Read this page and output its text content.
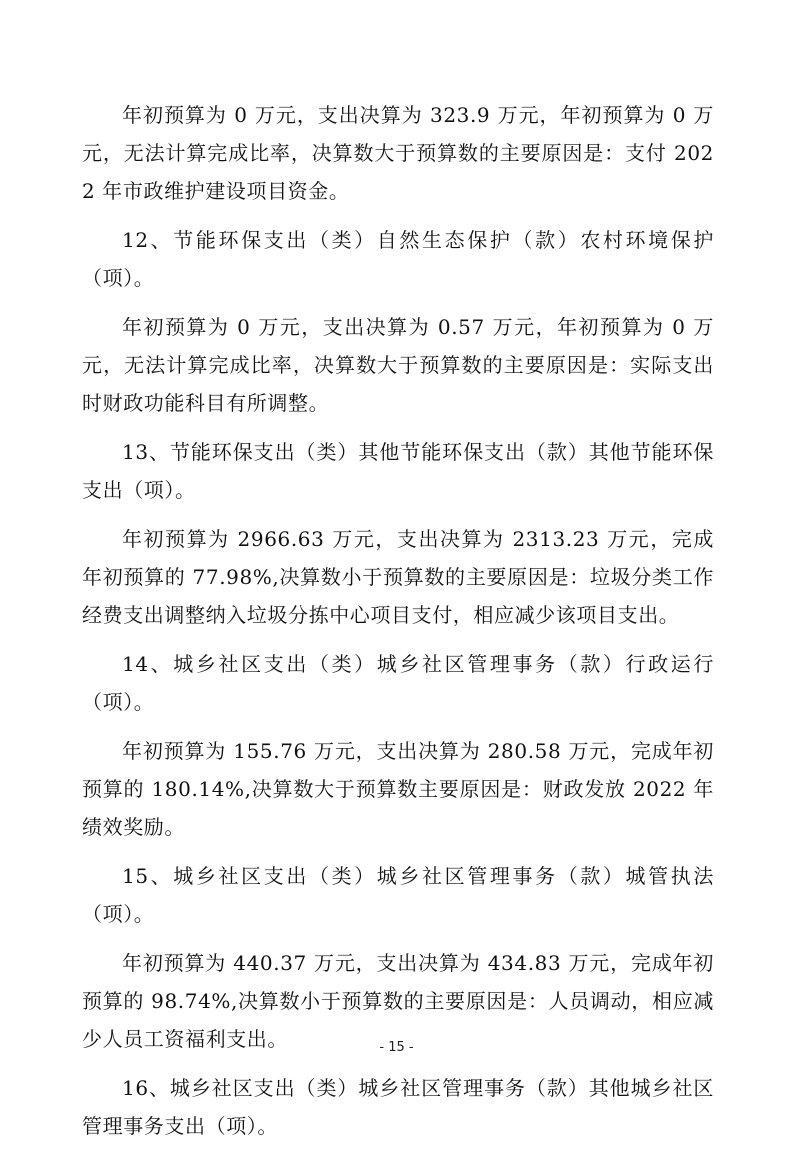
年初预算为 0 万元，支出决算为 323.9 万元，年初预算为 0 万元，无法计算完成比率，决算数大于预算数的主要原因是：支付 2022 年市政维护建设项目资金。

12、节能环保支出（类）自然生态保护（款）农村环境保护（项）。

年初预算为 0 万元，支出决算为 0.57 万元，年初预算为 0 万元，无法计算完成比率，决算数大于预算数的主要原因是：实际支出时财政功能科目有所调整。

13、节能环保支出（类）其他节能环保支出（款）其他节能环保支出（项）。

年初预算为 2966.63 万元，支出决算为 2313.23 万元，完成年初预算的 77.98%,决算数小于预算数的主要原因是：垃圾分类工作经费支出调整纳入垃圾分拣中心项目支付，相应减少该项目支出。

14、城乡社区支出（类）城乡社区管理事务（款）行政运行（项）。

年初预算为 155.76 万元，支出决算为 280.58 万元，完成年初预算的 180.14%,决算数大于预算数主要原因是：财政发放 2022 年绩效奖励。

15、城乡社区支出（类）城乡社区管理事务（款）城管执法（项）。

年初预算为 440.37 万元，支出决算为 434.83 万元，完成年初预算的 98.74%,决算数小于预算数的主要原因是：人员调动，相应减少人员工资福利支出。

16、城乡社区支出（类）城乡社区管理事务（款）其他城乡社区管理事务支出（项）。

- 15 -
